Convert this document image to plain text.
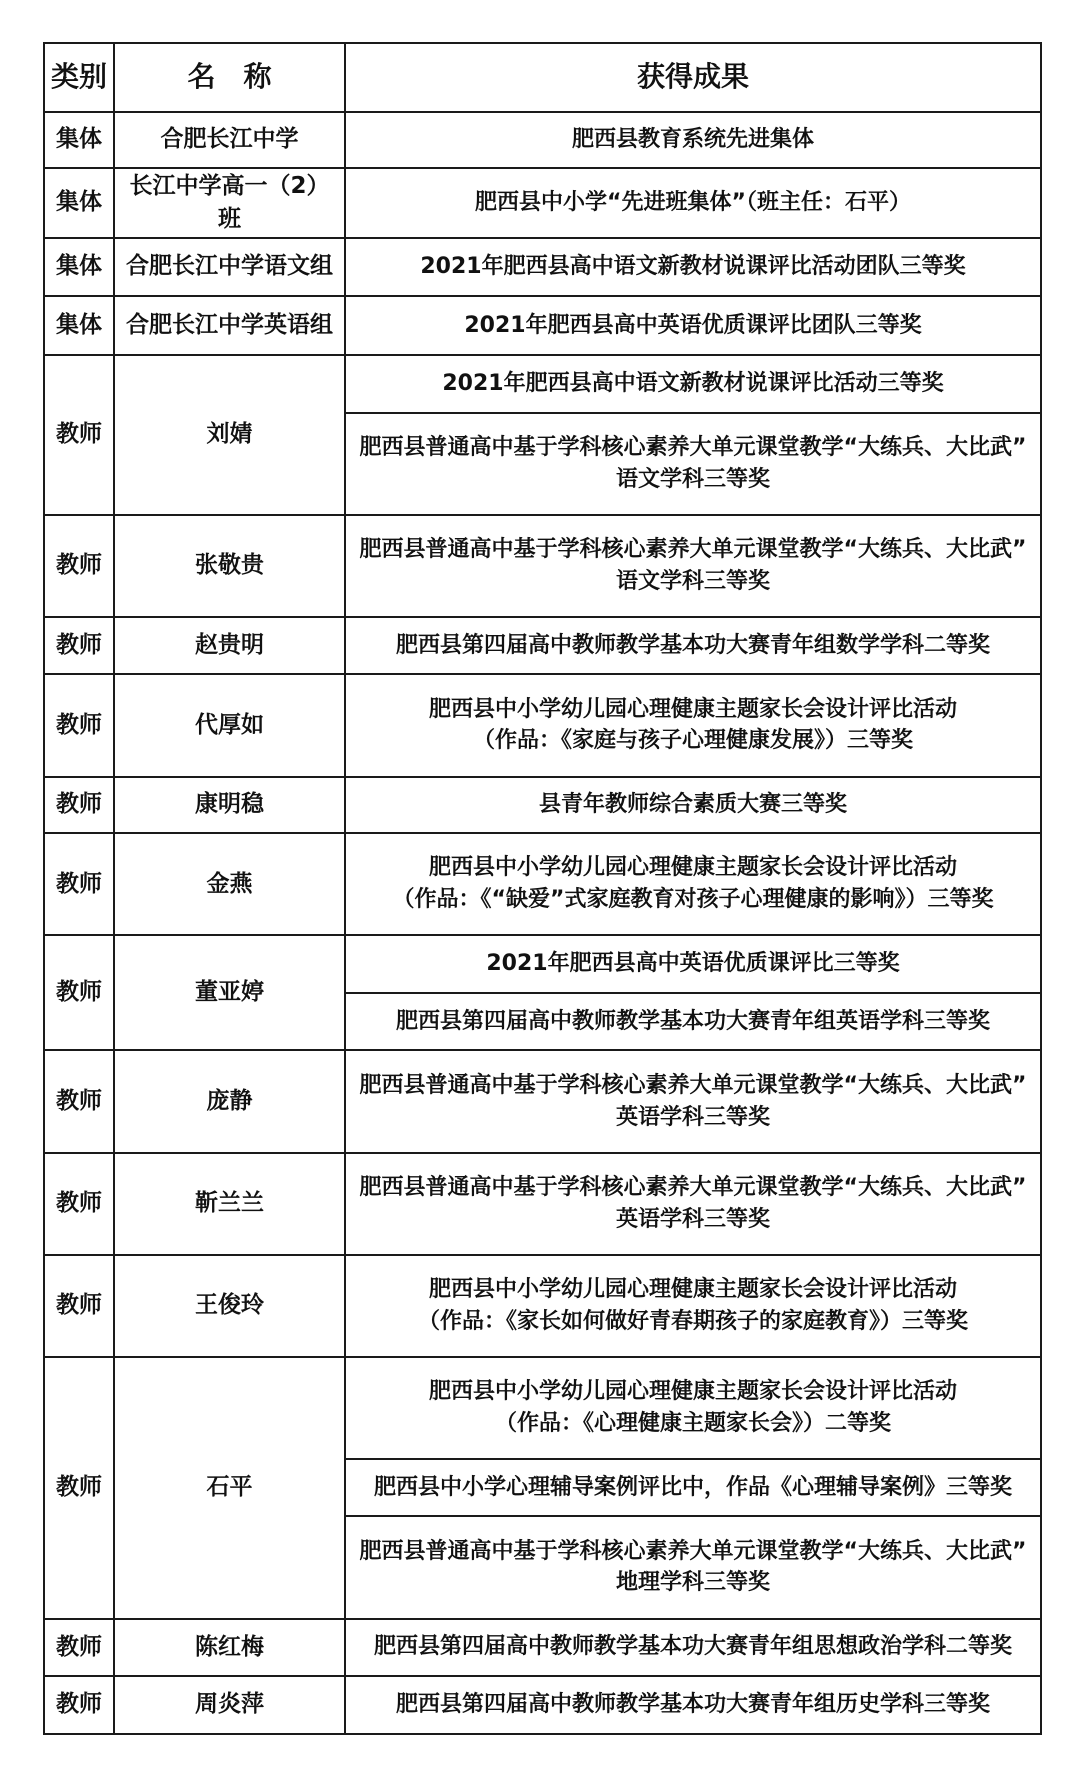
类别	名　称	获得成果
集体	合肥长江中学	肥西县教育系统先进集体
集体	长江中学高一（2）班	肥西县中小学“先进班集体”（班主任：石平）
集体	合肥长江中学语文组	2021年肥西县高中语文新教材说课评比活动团队三等奖
集体	合肥长江中学英语组	2021年肥西县高中英语优质课评比团队三等奖
教师	刘婧	2021年肥西县高中语文新教材说课评比活动三等奖
		肥西县普通高中基于学科核心素养大单元课堂教学“大练兵、大比武”
语文学科三等奖
教师	张敬贵	肥西县普通高中基于学科核心素养大单元课堂教学“大练兵、大比武”
语文学科三等奖
教师	赵贵明	肥西县第四届高中教师教学基本功大赛青年组数学学科二等奖
教师	代厚如	肥西县中小学幼儿园心理健康主题家长会设计评比活动
（作品：《家庭与孩子心理健康发展》）三等奖
教师	康明稳	县青年教师综合素质大赛三等奖
教师	金燕	肥西县中小学幼儿园心理健康主题家长会设计评比活动
（作品：《“缺爱”式家庭教育对孩子心理健康的影响》）三等奖
教师	董亚婷	2021年肥西县高中英语优质课评比三等奖
		肥西县第四届高中教师教学基本功大赛青年组英语学科三等奖
教师	庞静	肥西县普通高中基于学科核心素养大单元课堂教学“大练兵、大比武”
英语学科三等奖
教师	靳兰兰	肥西县普通高中基于学科核心素养大单元课堂教学“大练兵、大比武”
英语学科三等奖
教师	王俊玲	肥西县中小学幼儿园心理健康主题家长会设计评比活动
（作品：《家长如何做好青春期孩子的家庭教育》）三等奖
教师	石平	肥西县中小学幼儿园心理健康主题家长会设计评比活动
（作品：《心理健康主题家长会》）二等奖
		肥西县中小学心理辅导案例评比中，作品《心理辅导案例》三等奖
		肥西县普通高中基于学科核心素养大单元课堂教学“大练兵、大比武”
地理学科三等奖
教师	陈红梅	肥西县第四届高中教师教学基本功大赛青年组思想政治学科二等奖
教师	周炎萍	肥西县第四届高中教师教学基本功大赛青年组历史学科三等奖
